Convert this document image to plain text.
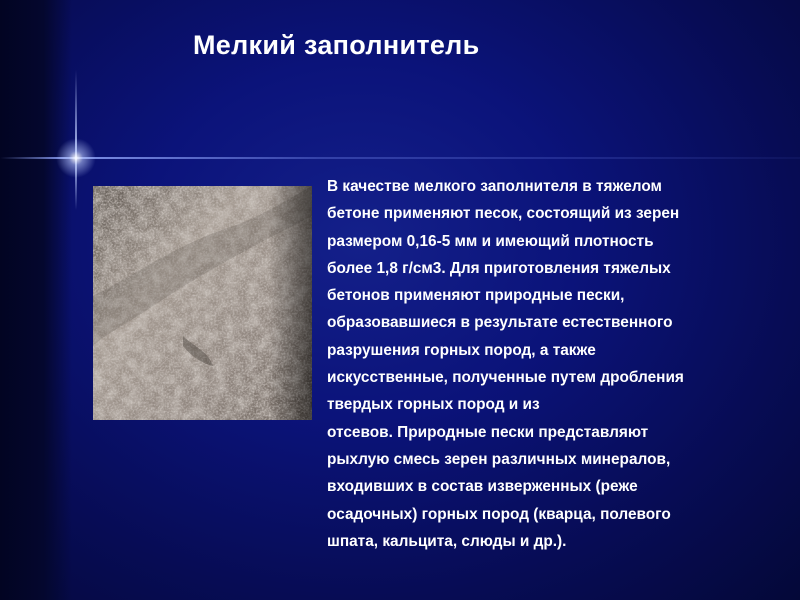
Мелкий заполнитель

В качестве мелкого заполнителя в тяжелом
бетоне применяют песок, состоящий из зерен
размером 0,16-5 мм и имеющий плотность
более 1,8 г/см3. Для приготовления тяжелых
бетонов применяют природные пески,
образовавшиеся в результате естественного
разрушения горных пород, а также
искусственные, полученные путем дробления
твердых горных пород и из
отсевов. Природные пески представляют
рыхлую смесь зерен различных минералов,
входивших в состав изверженных (реже
осадочных) горных пород (кварца, полевого
шпата, кальцита, слюды и др.).
